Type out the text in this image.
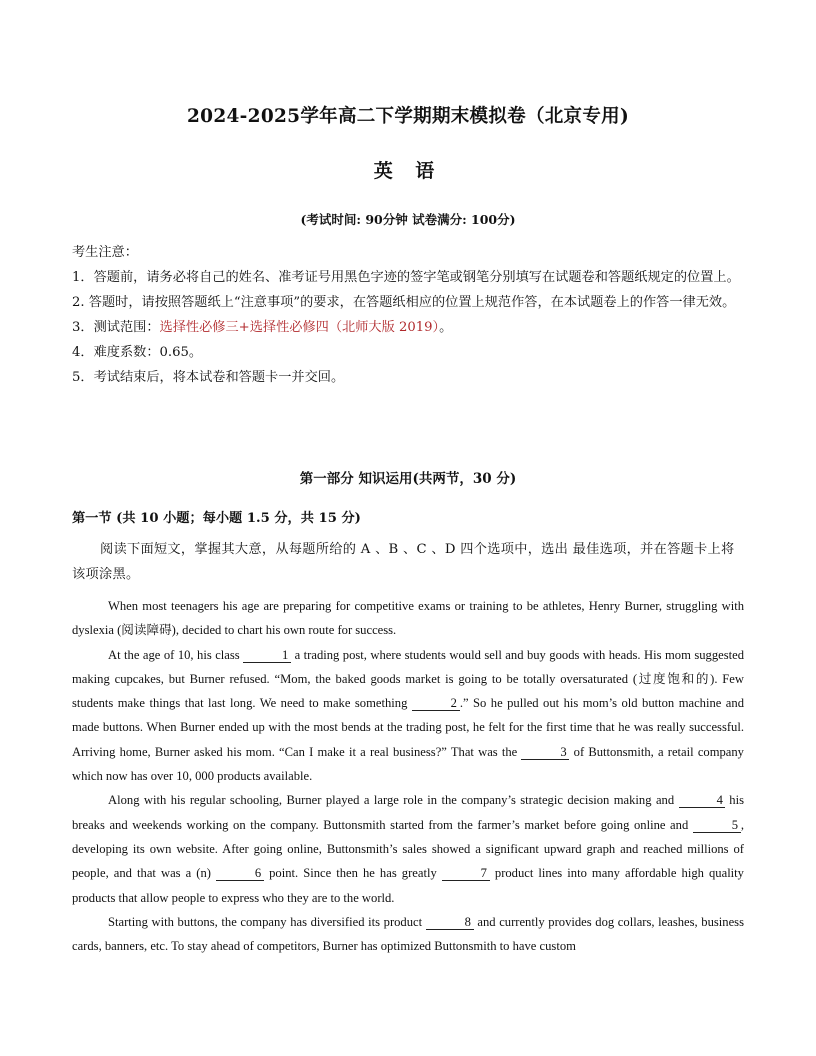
2024-2025学年高二下学期期末模拟卷（北京专用)
英 语
(考试时间: 90分钟 试卷满分: 100分)

考生注意：

1．答题前，请务必将自己的姓名、准考证号用黑色字迹的签字笔或钢笔分别填写在试题卷和答题纸规定的位置上。

2. 答题时，请按照答题纸上“注意事项”的要求，在答题纸相应的位置上规范作答，在本试题卷上的作答一律无效。

3．测试范围：选择性必修三+选择性必修四（北师大版 2019）。

4．难度系数：0.65。

5．考试结束后，将本试卷和答题卡一并交回。

第一部分 知识运用(共两节，30 分)
第一节 (共 10 小题；每小题 1.5 分，共 15 分)
阅读下面短文，掌握其大意，从每题所给的 A 、B 、C 、D 四个选项中，选出 最佳选项，并在答题卡上将该项涂黑。

When most teenagers his age are preparing for competitive exams or training to be athletes, Henry Burner, struggling with dyslexia (阅读障碍), decided to chart his own route for success.

At the age of 10, his class	1 a trading post, where students would sell and buy goods with heads. His mom suggested making cupcakes, but Burner refused. “Mom, the baked goods market is going to be totally oversaturated (过度饱和的). Few students make things that last long. We need to make something	2 .” So he pulled out his mom’s old button machine and made buttons. When Burner ended up with the most bends at the trading post, he felt for the first time that he was really successful. Arriving home, Burner asked his mom. “Can I make it a real business?” That was the	3 of Buttonsmith, a retail company which now has over 10, 000 products available.

Along with his regular schooling, Burner played a large role in the company’s strategic decision making and	4 his breaks and weekends working on the company. Buttonsmith started from the farmer’s market before going online and	5 , developing its own website. After going online, Buttonsmith’s sales showed a significant upward graph and reached millions of people, and that was a (n)	6 point. Since then he has greatly	7 product lines into many affordable high quality products that allow people to express who they are to the world.

Starting with buttons, the company has diversified its product	8 and currently provides dog collars, leashes, business cards, banners, etc. To stay ahead of competitors, Burner has optimized Buttonsmith to have custom
